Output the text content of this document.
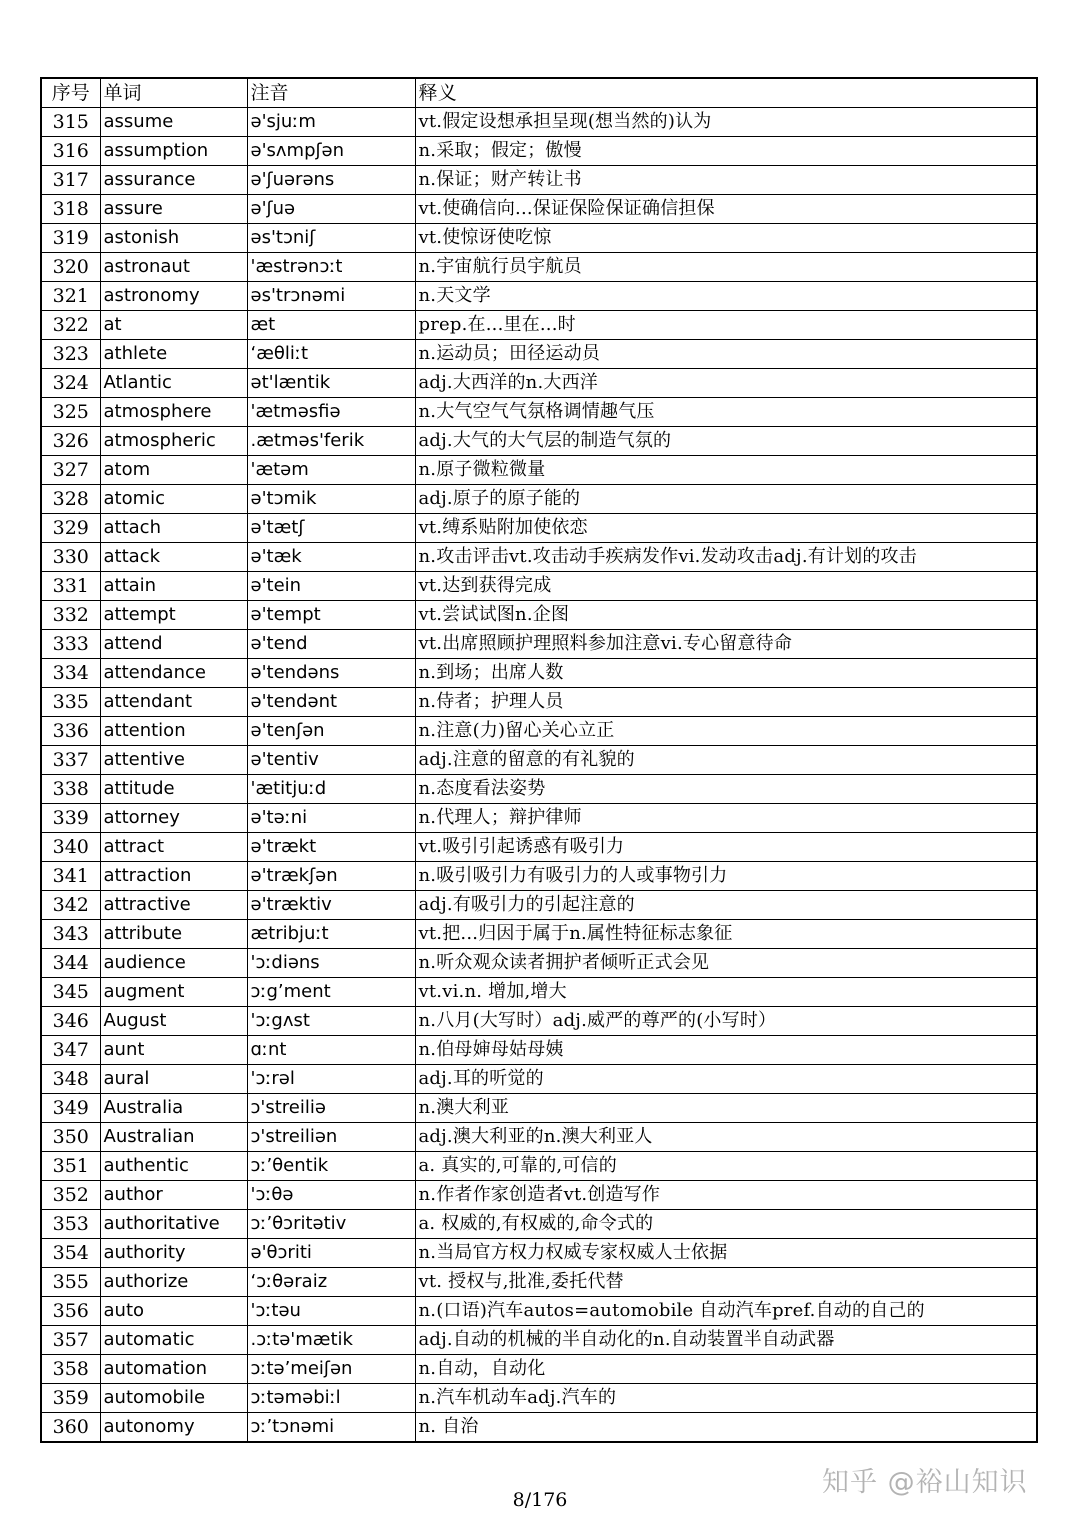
序号	单词	注音	释义
315	assume	ə'sjuːm	vt.假定设想承担呈现(想当然的)认为
316	assumption	ə'sʌmpʃən	n.采取；假定；傲慢
317	assurance	ə'ʃuərəns	n.保证；财产转让书
318	assure	ə'ʃuə	vt.使确信向...保证保险保证确信担保
319	astonish	əs'tɔniʃ	vt.使惊讶使吃惊
320	astronaut	'æstrənɔːt	n.宇宙航行员宇航员
321	astronomy	əs'trɔnəmi	n.天文学
322	at	æt	prep.在...里在...时
323	athlete	‘æθliːt	n.运动员；田径运动员
324	Atlantic	ət'læntik	adj.大西洋的n.大西洋
325	atmosphere	'ætməsfiə	n.大气空气气氛格调情趣气压
326	atmospheric	.ætməs'ferik	adj.大气的大气层的制造气氛的
327	atom	'ætəm	n.原子微粒微量
328	atomic	ə'tɔmik	adj.原子的原子能的
329	attach	ə'tætʃ	vt.缚系贴附加使依恋
330	attack	ə'tæk	n.攻击评击vt.攻击动手疾病发作vi.发动攻击adj.有计划的攻击
331	attain	ə'tein	vt.达到获得完成
332	attempt	ə'tempt	vt.尝试试图n.企图
333	attend	ə'tend	vt.出席照顾护理照料参加注意vi.专心留意待命
334	attendance	ə'tendəns	n.到场；出席人数
335	attendant	ə'tendənt	n.侍者；护理人员
336	attention	ə'tenʃən	n.注意(力)留心关心立正
337	attentive	ə'tentiv	adj.注意的留意的有礼貌的
338	attitude	'ætitjuːd	n.态度看法姿势
339	attorney	ə'təːni	n.代理人；辩护律师
340	attract	ə'trækt	vt.吸引引起诱惑有吸引力
341	attraction	ə'trækʃən	n.吸引吸引力有吸引力的人或事物引力
342	attractive	ə'træktiv	adj.有吸引力的引起注意的
343	attribute	ætribjuːt	vt.把...归因于属于n.属性特征标志象征
344	audience	'ɔːdiəns	n.听众观众读者拥护者倾听正式会见
345	augment	ɔːg’ment	vt.vi.n. 增加,增大
346	August	'ɔːgʌst	n.八月(大写时）adj.威严的尊严的(小写时）
347	aunt	ɑːnt	n.伯母婶母姑母姨
348	aural	'ɔːrəl	adj.耳的听觉的
349	Australia	ɔ'streiliə	n.澳大利亚
350	Australian	ɔ'streiliən	adj.澳大利亚的n.澳大利亚人
351	authentic	ɔː’θentik	a. 真实的,可靠的,可信的
352	author	'ɔːθə	n.作者作家创造者vt.创造写作
353	authoritative	ɔː’θɔritətiv	a. 权威的,有权威的,命令式的
354	authority	ə'θɔriti	n.当局官方权力权威专家权威人士依据
355	authorize	‘ɔːθəraiz	vt. 授权与,批准,委托代替
356	auto	'ɔːtəu	n.(口语)汽车autos=automobile 自动汽车pref.自动的自己的
357	automatic	.ɔːtə'mætik	adj.自动的机械的半自动化的n.自动装置半自动武器
358	automation	ɔːtə’meiʃən	n.自动，自动化
359	automobile	ɔːtəməbiːl	n.汽车机动车adj.汽车的
360	autonomy	ɔː’tɔnəmi	n. 自治
8/176
知乎 @裕山知识
